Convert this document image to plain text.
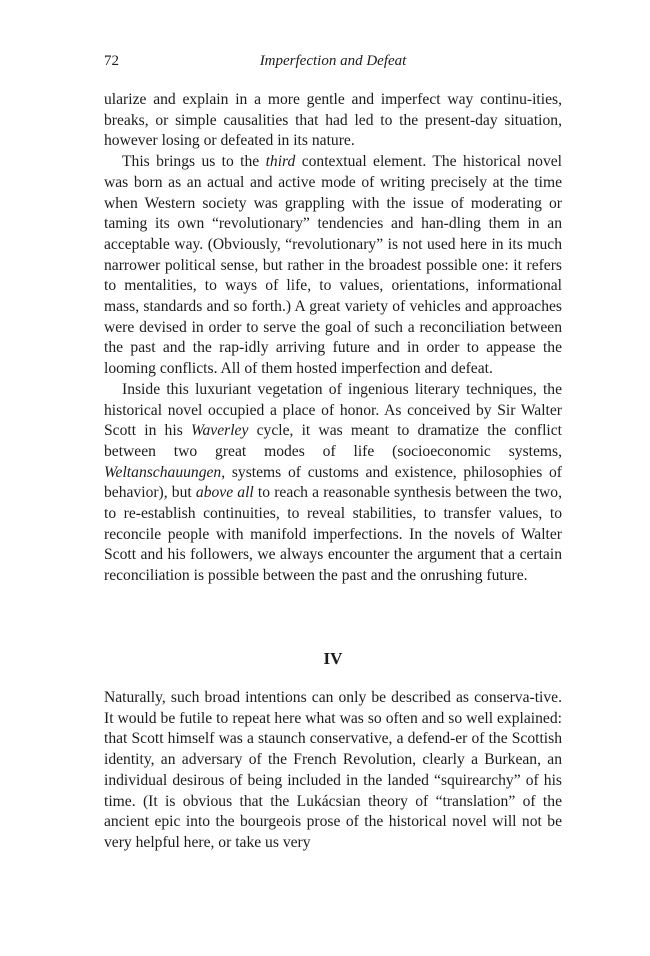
72	Imperfection and Defeat

ularize and explain in a more gentle and imperfect way continu-ities, breaks, or simple causalities that had led to the present-day situation, however losing or defeated in its nature.

This brings us to the third contextual element. The historical novel was born as an actual and active mode of writing precisely at the time when Western society was grappling with the issue of moderating or taming its own “revolutionary” tendencies and han-dling them in an acceptable way. (Obviously, “revolutionary” is not used here in its much narrower political sense, but rather in the broadest possible one: it refers to mentalities, to ways of life, to values, orientations, informational mass, standards and so forth.) A great variety of vehicles and approaches were devised in order to serve the goal of such a reconciliation between the past and the rap-idly arriving future and in order to appease the looming conflicts. All of them hosted imperfection and defeat.

Inside this luxuriant vegetation of ingenious literary techniques, the historical novel occupied a place of honor. As conceived by Sir Walter Scott in his Waverley cycle, it was meant to dramatize the conflict between two great modes of life (socioeconomic systems, Weltanschauungen, systems of customs and existence, philosophies of behavior), but above all to reach a reasonable synthesis between the two, to re-establish continuities, to reveal stabilities, to transfer values, to reconcile people with manifold imperfections. In the novels of Walter Scott and his followers, we always encounter the argument that a certain reconciliation is possible between the past and the onrushing future.

IV

Naturally, such broad intentions can only be described as conserva-tive. It would be futile to repeat here what was so often and so well explained: that Scott himself was a staunch conservative, a defend-er of the Scottish identity, an adversary of the French Revolution, clearly a Burkean, an individual desirous of being included in the landed “squirearchy” of his time. (It is obvious that the Lukácsian theory of “translation” of the ancient epic into the bourgeois prose of the historical novel will not be very helpful here, or take us very
